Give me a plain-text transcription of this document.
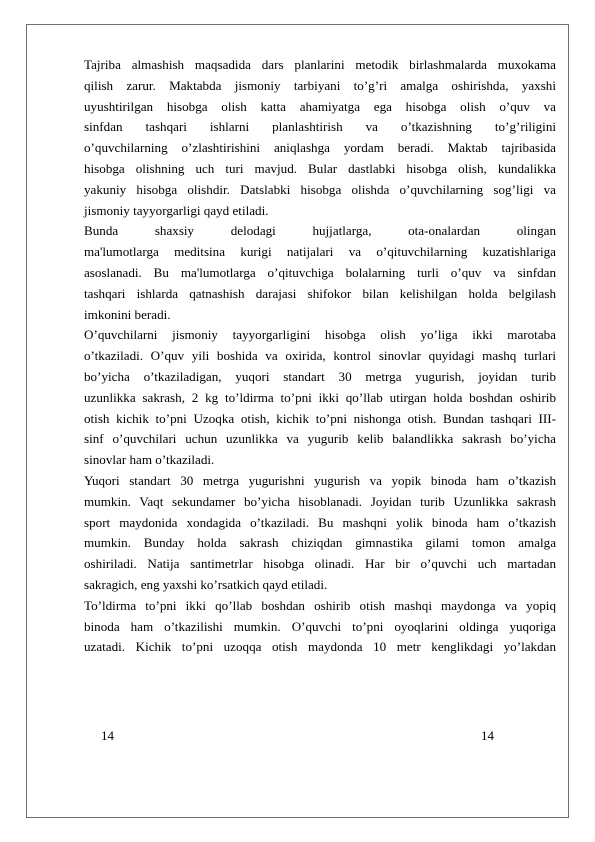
Tajriba almashish maqsadida dars planlarini metodik birlashmalarda muxokama
qilish zarur. Maktabda jismoniy tarbiyani to’g’ri amalga oshirishda, yaxshi
uyushtirilgan hisobga olish katta ahamiyatga ega hisobga olish o’quv va
sinfdan tashqari ishlarni planlashtirish va o’tkazishning to’g’riligini
o’quvchilarning o’zlashtirishini aniqlashga yordam beradi. Maktab tajribasida
hisobga olishning uch turi mavjud. Bular dastlabki hisobga olish, kundalikka
yakuniy hisobga olishdir. Datslabki hisobga olishda o’quvchilarning sog’ligi va
jismoniy tayyorgarligi qayd etiladi.
Bunda shaxsiy delodagi hujjatlarga, ota-onalardan olingan
ma'lumotlarga meditsina kurigi natijalari va o’qituvchilarning kuzatishlariga
asoslanadi. Bu ma'lumotlarga o’qituvchiga bolalarning turli o’quv va sinfdan
tashqari ishlarda qatnashish darajasi shifokor bilan kelishilgan holda belgilash
imkonini beradi.
O’quvchilarni jismoniy tayyorgarligini hisobga olish yo’liga ikki marotaba
o’tkaziladi. O’quv yili boshida va oxirida, kontrol sinovlar quyidagi mashq turlari
bo’yicha o’tkaziladigan, yuqori standart 30 metrga yugurish, joyidan turib
uzunlikka sakrash, 2 kg to’ldirma to’pni ikki qo’llab utirgan holda boshdan oshirib
otish kichik to’pni Uzoqka otish, kichik to’pni nishonga otish. Bundan tashqari III-
sinf o’quvchilari uchun uzunlikka va yugurib kelib balandlikka sakrash bo’yicha
sinovlar ham o’tkaziladi.
Yuqori standart 30 metrga yugurishni yugurish va yopik binoda ham o’tkazish
mumkin. Vaqt sekundamer bo’yicha hisoblanadi. Joyidan turib Uzunlikka sakrash
sport maydonida xondagida o’tkaziladi. Bu mashqni yolik binoda ham o’tkazish
mumkin. Bunday holda sakrash chiziqdan gimnastika gilami tomon amalga
oshiriladi. Natija santimetrlar hisobga olinadi. Har bir o’quvchi uch martadan
sakragich, eng yaxshi ko’rsatkich qayd etiladi.
To’ldirma to’pni ikki qo’llab boshdan oshirib otish mashqi maydonga va yopiq
binoda ham o’tkazilishi mumkin. O’quvchi to’pni oyoqlarini oldinga yuqoriga
uzatadi. Kichik to’pni uzoqqa otish maydonda 10 metr kenglikdagi yo’lakdan
14	14
